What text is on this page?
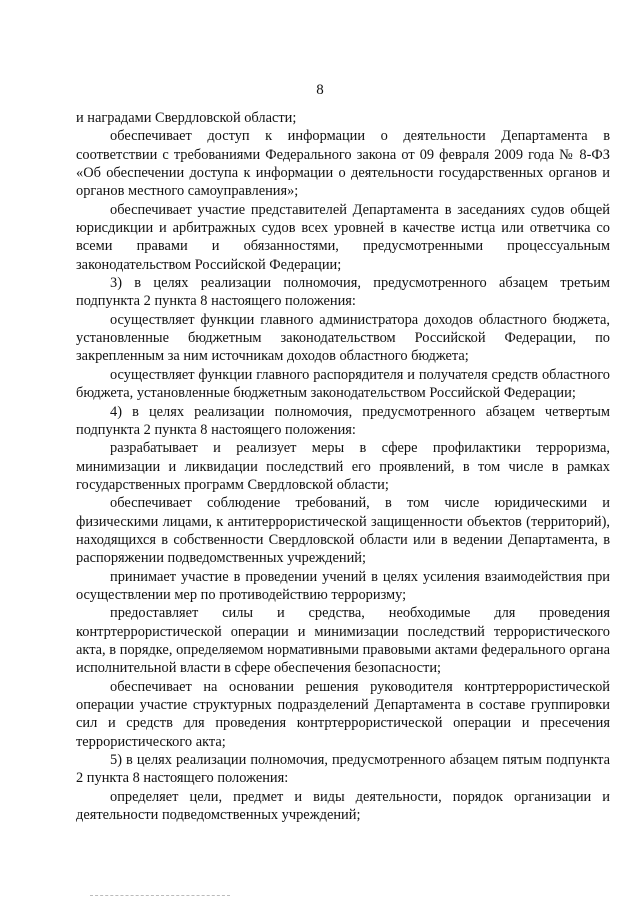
8

и наградами Свердловской области;

обеспечивает доступ к информации о деятельности Департамента в соответствии с требованиями Федерального закона от 09 февраля 2009 года № 8-ФЗ «Об обеспечении доступа к информации о деятельности государственных органов и органов местного самоуправления»;

обеспечивает участие представителей Департамента в заседаниях судов общей юрисдикции и арбитражных судов всех уровней в качестве истца или ответчика со всеми правами и обязанностями, предусмотренными процессуальным законодательством Российской Федерации;

3) в целях реализации полномочия, предусмотренного абзацем третьим подпункта 2 пункта 8 настоящего положения:

осуществляет функции главного администратора доходов областного бюджета, установленные бюджетным законодательством Российской Федерации, по закрепленным за ним источникам доходов областного бюджета;

осуществляет функции главного распорядителя и получателя средств областного бюджета, установленные бюджетным законодательством Российской Федерации;

4) в целях реализации полномочия, предусмотренного абзацем четвертым подпункта 2 пункта 8 настоящего положения:

разрабатывает и реализует меры в сфере профилактики терроризма, минимизации и ликвидации последствий его проявлений, в том числе в рамках государственных программ Свердловской области;

обеспечивает соблюдение требований, в том числе юридическими и физическими лицами, к антитеррористической защищенности объектов (территорий), находящихся в собственности Свердловской области или в ведении Департамента, в распоряжении подведомственных учреждений;

принимает участие в проведении учений в целях усиления взаимодействия при осуществлении мер по противодействию терроризму;

предоставляет силы и средства, необходимые для проведения контртеррористической операции и минимизации последствий террористического акта, в порядке, определяемом нормативными правовыми актами федерального органа исполнительной власти в сфере обеспечения безопасности;

обеспечивает на основании решения руководителя контртеррористической операции участие структурных подразделений Департамента в составе группировки сил и средств для проведения контртеррористической операции и пресечения террористического акта;

5) в целях реализации полномочия, предусмотренного абзацем пятым подпункта 2 пункта 8 настоящего положения:

определяет цели, предмет и виды деятельности, порядок организации и деятельности подведомственных учреждений;
